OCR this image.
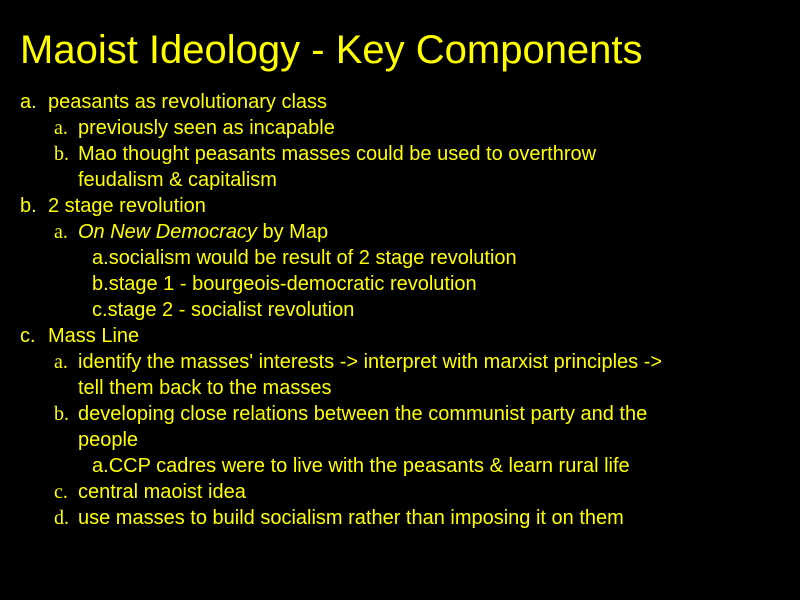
Maoist Ideology - Key Components
a. peasants as revolutionary class
a. previously seen as incapable
b. Mao thought peasants masses could be used to overthrow
feudalism & capitalism
b. 2 stage revolution
a. On New Democracy by Map
a.socialism would be result of 2 stage revolution
b.stage 1 - bourgeois-democratic revolution
c.stage 2 - socialist revolution
c. Mass Line
a. identify the masses' interests -> interpret with marxist principles ->
tell them back to the masses
b. developing close relations between the communist party and the
people
a.CCP cadres were to live with the peasants & learn rural life
c. central maoist idea
d. use masses to build socialism rather than imposing it on them
